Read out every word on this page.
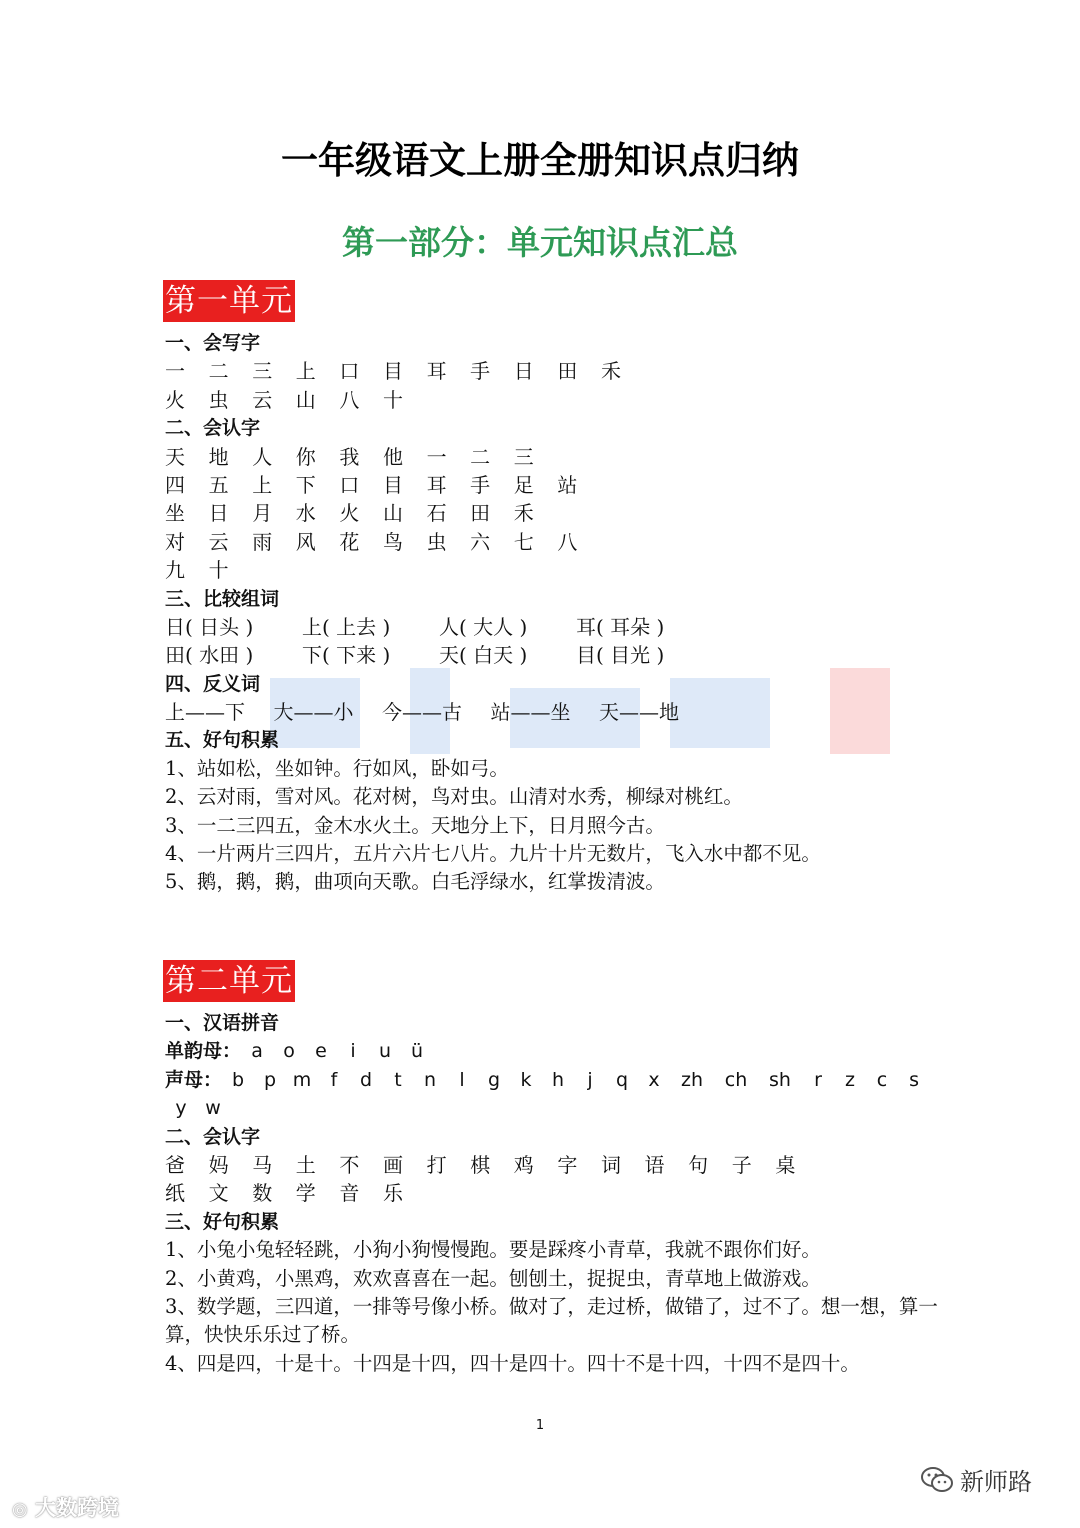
一年级语文上册全册知识点归纳
第一部分：单元知识点汇总
第一单元
一、会写字
一	二	三	上	口	目	耳	手	日	田	禾
火	虫	云	山	八	十
二、会认字
天	地	人	你	我	他	一	二	三
四	五	上	下	口	目	耳	手	足	站
坐	日	月	水	火	山	石	田	禾
对	云	雨	风	花	鸟	虫	六	七	八
九	十
三、比较组词
日( 日头 )	上( 上去 )	人( 大人 )	耳( 耳朵 )
田( 水田 )	下( 下来 )	天( 白天 )	目( 目光 )
四、反义词
上——下	大——小	今——古	站——坐	天——地
五、好句积累
1、站如松，坐如钟。行如风，卧如弓。
2、云对雨，雪对风。花对树，鸟对虫。山清对水秀，柳绿对桃红。
3、一二三四五，金木水火土。天地分上下，日月照今古。
4、一片两片三四片，五片六片七八片。九片十片无数片，飞入水中都不见。
5、鹅，鹅，鹅，曲项向天歌。白毛浮绿水，红掌拨清波。
第二单元
一、汉语拼音
单韵母： a o e i u ü
声母： b p m f d t n l g k h j q x zh ch sh r z c s
y w
二、会认字
爸	妈	马	土	不	画	打	棋	鸡	字	词	语	句	子	桌
纸	文	数	学	音	乐
三、好句积累
1、小兔小兔轻轻跳，小狗小狗慢慢跑。要是踩疼小青草，我就不跟你们好。
2、小黄鸡，小黑鸡，欢欢喜喜在一起。刨刨土，捉捉虫，青草地上做游戏。
3、数学题，三四道，一排等号像小桥。做对了，走过桥，做错了，过不了。想一想，算一算，快快乐乐过了桥。
4、四是四，十是十。十四是十四，四十是四十。四十不是十四，十四不是四十。
1
◎ 大数跨境
新师路
